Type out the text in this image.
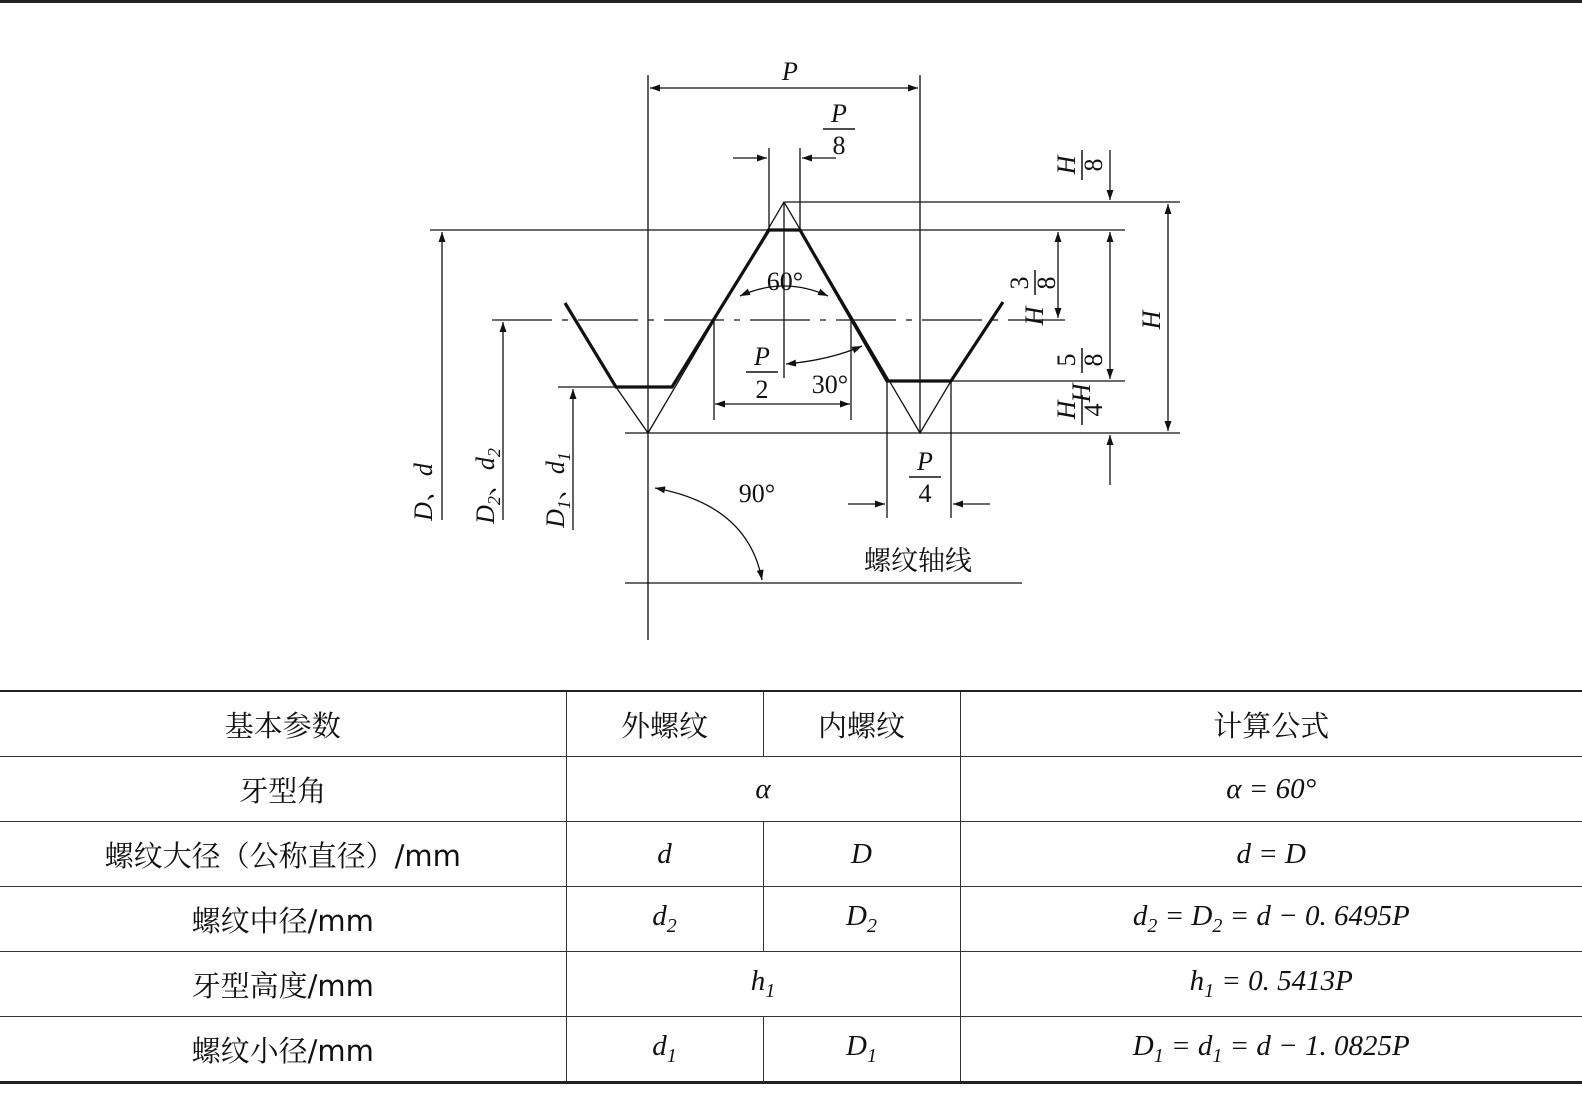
P
P
8
60°
P
2 30°
P
4
90°
螺纹轴线
H
8
3
8
H
5
8
H
H
4
H
D、d $D_2$、$d_2$
$D_1$、$d_1$
基本参数	外螺纹	内螺纹	计算公式
牙型角	α		α = 60°
螺纹大径（公称直径）/mm	d	D	d = D
螺纹中径/mm	$d_2$	$D_2$	$d_2 = D_2 = d - 0$. 6495P
牙型高度/mm	$h_1$		$h_1 = 0$. 5413P
螺纹小径/mm	$d_1$	$D_1$	$D_1 = d_1 = d - 1$. 0825P
